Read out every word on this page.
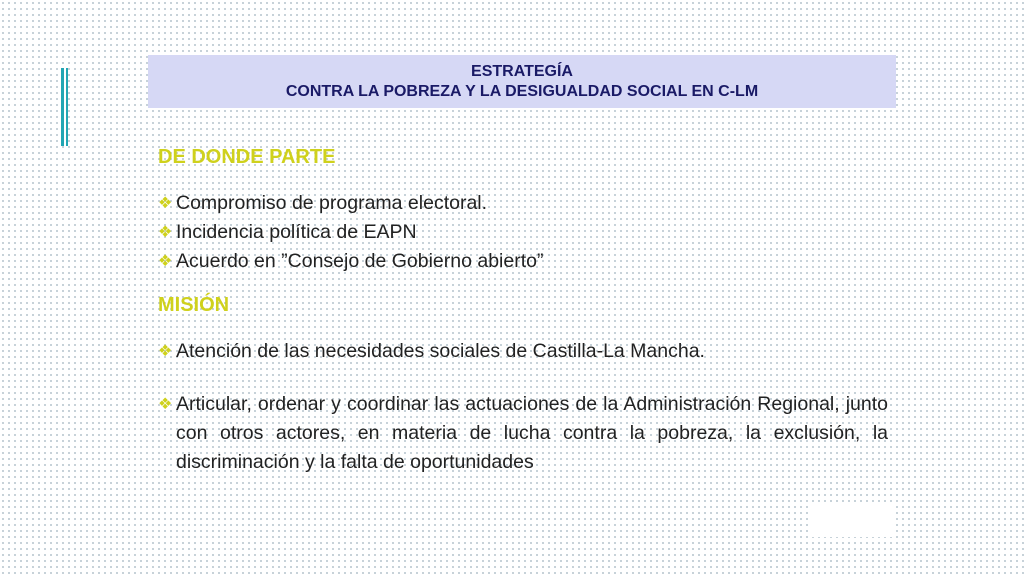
ESTRATEGÍA
CONTRA LA POBREZA Y LA DESIGUALDAD SOCIAL EN C-LM

DE DONDE PARTE

❖ Compromiso de programa electoral.
❖ Incidencia política de EAPN
❖ Acuerdo en ”Consejo de Gobierno abierto”

MISIÓN

❖ Atención de las necesidades sociales de Castilla-La Mancha.
❖ Articular, ordenar y coordinar las actuaciones de la Administración Regional, junto con otros actores, en materia de lucha contra la pobreza, la exclusión, la discriminación y la falta de oportunidades
